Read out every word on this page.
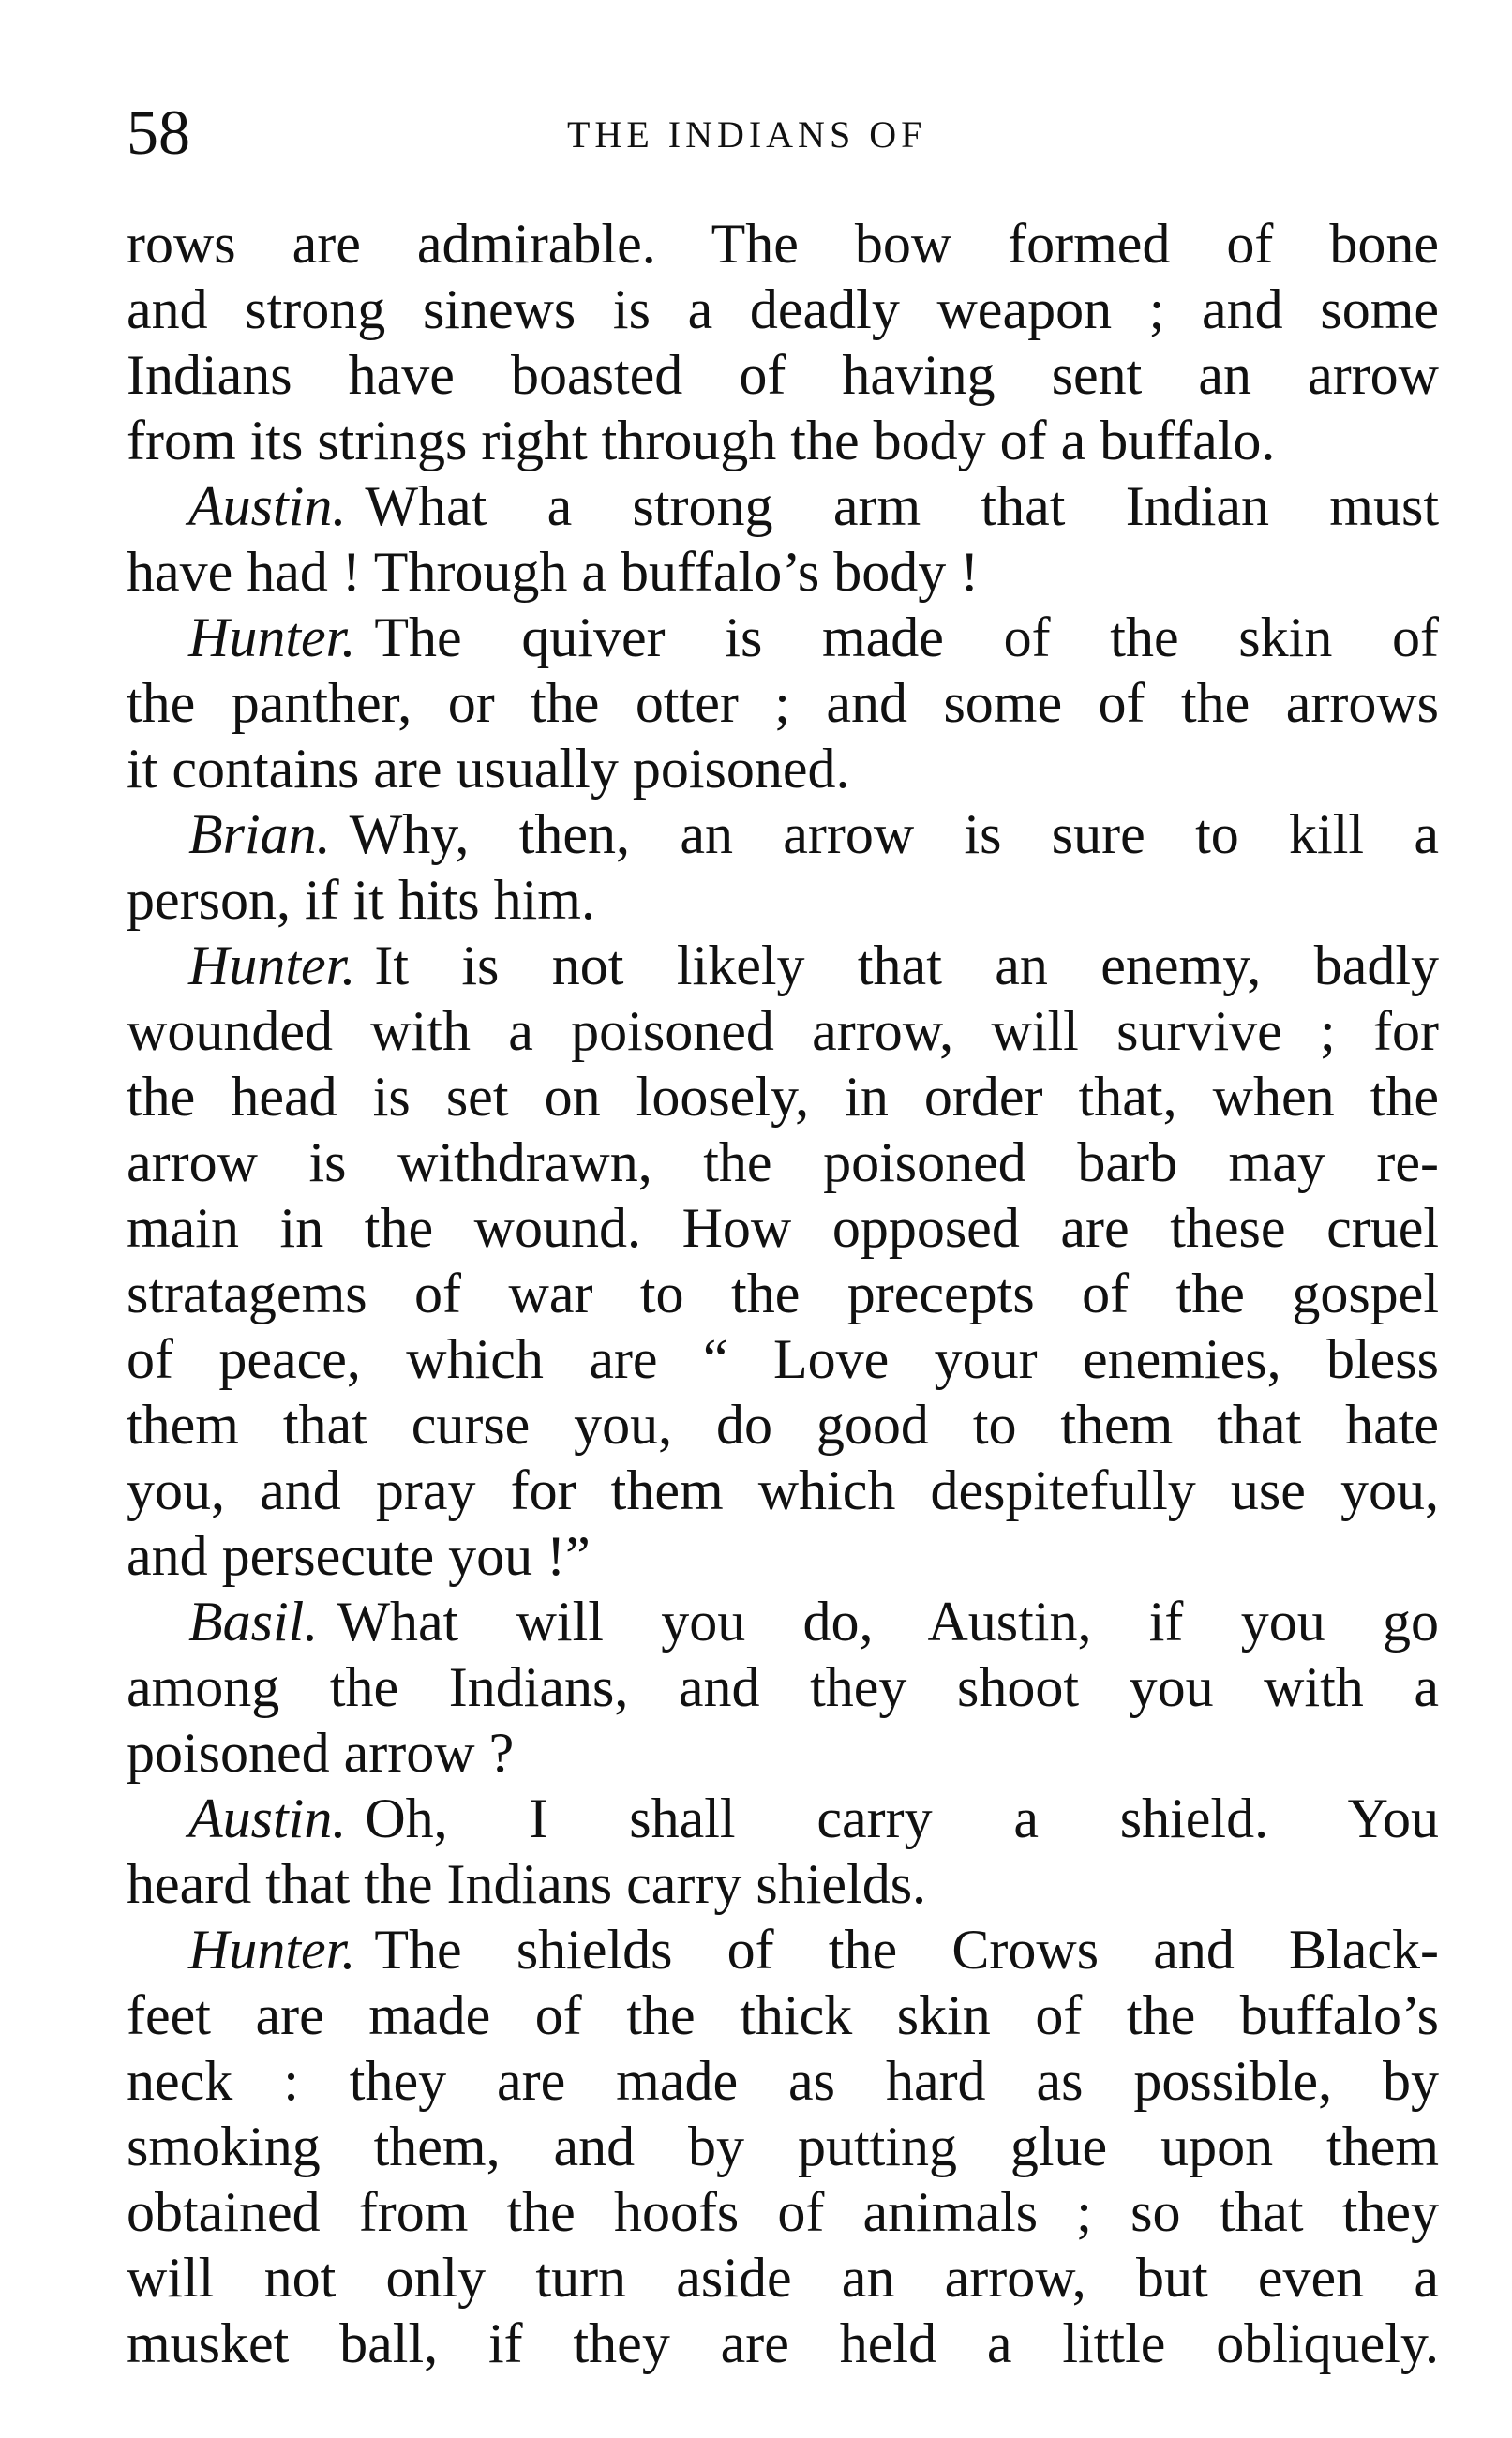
58	THE INDIANS OF
rows are admirable. The bow formed of bone
and strong sinews is a deadly weapon ; and some
Indians have boasted of having sent an arrow
from its strings right through the body of a buffalo.
Austin. What a strong arm that Indian must
have had ! Through a buffalo’s body !
Hunter. The quiver is made of the skin of
the panther, or the otter ; and some of the arrows
it contains are usually poisoned.
Brian. Why, then, an arrow is sure to kill a
person, if it hits him.
Hunter. It is not likely that an enemy, badly
wounded with a poisoned arrow, will survive ; for
the head is set on loosely, in order that, when the
arrow is withdrawn, the poisoned barb may re-
main in the wound. How opposed are these cruel
stratagems of war to the precepts of the gospel
of peace, which are “ Love your enemies, bless
them that curse you, do good to them that hate
you, and pray for them which despitefully use you,
and persecute you !”
Basil. What will you do, Austin, if you go
among the Indians, and they shoot you with a
poisoned arrow ?
Austin. Oh, I shall carry a shield. You
heard that the Indians carry shields.
Hunter. The shields of the Crows and Black-
feet are made of the thick skin of the buffalo’s
neck : they are made as hard as possible, by
smoking them, and by putting glue upon them
obtained from the hoofs of animals ; so that they
will not only turn aside an arrow, but even a
musket ball, if they are held a little obliquely.
